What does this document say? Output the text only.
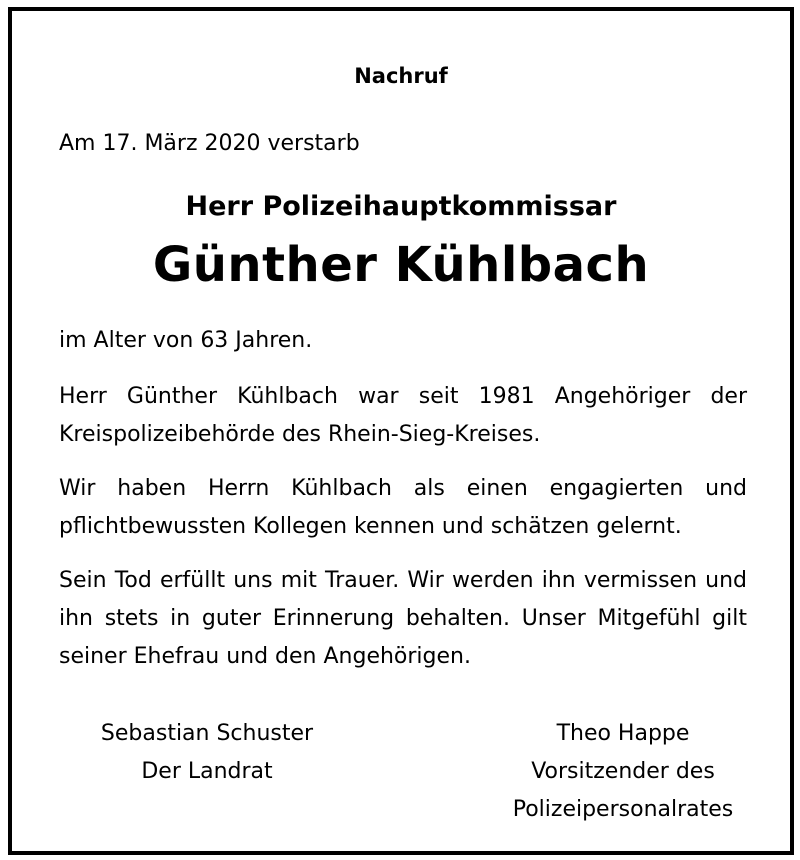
Nachruf
Am 17. März 2020 verstarb
Herr Polizeihauptkommissar
Günther Kühlbach
im Alter von 63 Jahren.
Herr Günther Kühlbach war seit 1981 Angehöriger der Kreispolizeibehörde des Rhein-Sieg-Kreises.
Wir haben Herrn Kühlbach als einen engagierten und pflichtbewussten Kollegen kennen und schätzen gelernt.
Sein Tod erfüllt uns mit Trauer. Wir werden ihn vermissen und ihn stets in guter Erinnerung behalten. Unser Mitgefühl gilt seiner Ehefrau und den Angehörigen.
Sebastian Schuster
Der Landrat
Theo Happe
Vorsitzender des
Polizeipersonalrates
